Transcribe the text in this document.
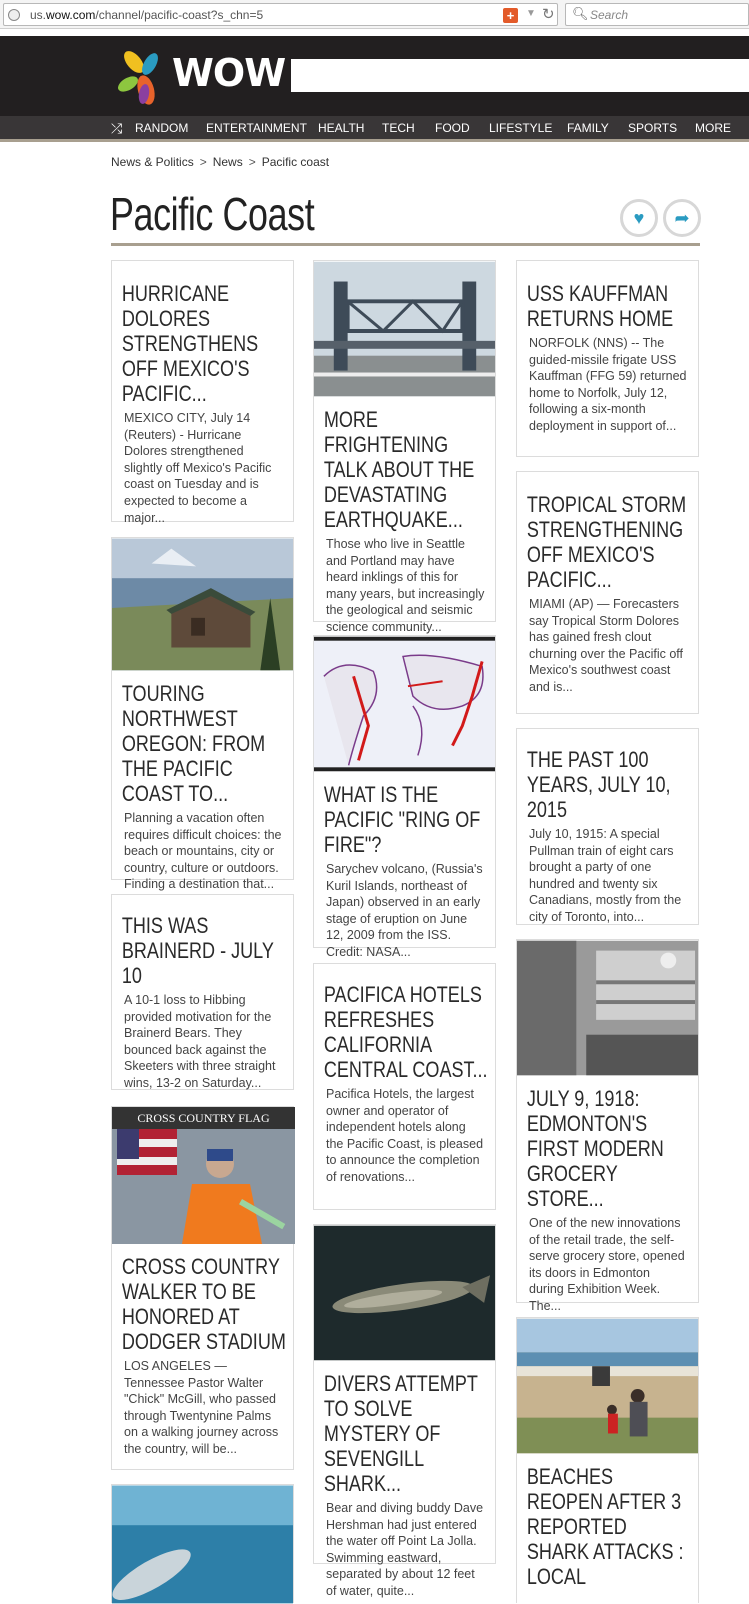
us.wow.com/channel/pacific-coast?s_chn=5	+	▼ ↻ 🔍︎ Search
WOW
⤮ RANDOM ENTERTAINMENT HEALTH TECH FOOD LIFESTYLE FAMILY SPORTS MORE
News & Politics > News > Pacific coast
Pacific Coast	♥	➦
HURRICANE DOLORES STRENGTHENS OFF MEXICO'S PACIFIC...
MEXICO CITY, July 14 (Reuters) - Hurricane Dolores strengthened slightly off Mexico's Pacific coast on Tuesday and is expected to become a major...
TOURING NORTHWEST OREGON: FROM THE PACIFIC COAST TO...
Planning a vacation often requires difficult choices: the beach or mountains, city or country, culture or outdoors. Finding a destination that...
THIS WAS BRAINERD - JULY 10
A 10-1 loss to Hibbing provided motivation for the Brainerd Bears. They bounced back against the Skeeters with three straight wins, 13-2 on Saturday...
CROSS COUNTRY FLAG
CROSS COUNTRY WALKER TO BE HONORED AT DODGER STADIUM
LOS ANGELES — Tennessee Pastor Walter "Chick" McGill, who passed through Twentynine Palms on a walking journey across the country, will be...
MORE FRIGHTENING TALK ABOUT THE DEVASTATING EARTHQUAKE...
Those who live in Seattle and Portland may have heard inklings of this for many years, but increasingly the geological and seismic science community...
WHAT IS THE PACIFIC "RING OF FIRE"?
Sarychev volcano, (Russia's Kuril Islands, northeast of Japan) observed in an early stage of eruption on June 12, 2009 from the ISS. Credit: NASA...
PACIFICA HOTELS REFRESHES CALIFORNIA CENTRAL COAST...
Pacifica Hotels, the largest owner and operator of independent hotels along the Pacific Coast, is pleased to announce the completion of renovations...
DIVERS ATTEMPT TO SOLVE MYSTERY OF SEVENGILL SHARK...
Bear and diving buddy Dave Hershman had just entered the water off Point La Jolla. Swimming eastward, separated by about 12 feet of water, quite...
USS KAUFFMAN RETURNS HOME
NORFOLK (NNS) -- The guided-missile frigate USS Kauffman (FFG 59) returned home to Norfolk, July 12, following a six-month deployment in support of...
TROPICAL STORM STRENGTHENING OFF MEXICO'S PACIFIC...
MIAMI (AP) — Forecasters say Tropical Storm Dolores has gained fresh clout churning over the Pacific off Mexico's southwest coast and is...
THE PAST 100 YEARS, JULY 10, 2015
July 10, 1915: A special Pullman train of eight cars brought a party of one hundred and twenty six Canadians, mostly from the city of Toronto, into...
JULY 9, 1918: EDMONTON'S FIRST MODERN GROCERY STORE...
One of the new innovations of the retail trade, the self-serve grocery store, opened its doors in Edmonton during Exhibition Week. The...
BEACHES REOPEN AFTER 3 REPORTED SHARK ATTACKS : LOCAL
